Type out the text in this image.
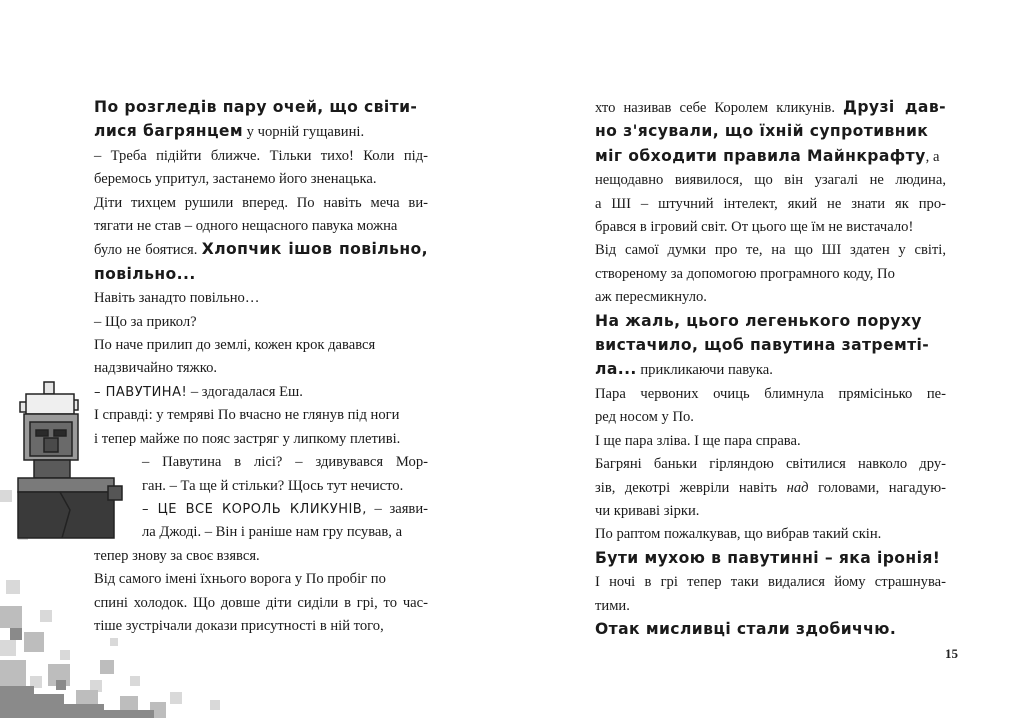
По розгледів пару очей, що світи-

лися багрянцем у чорній гущавині.

– Треба підійти ближче. Тільки тихо! Коли під-

беремось упритул, застанемо його зненацька.

Діти тихцем рушили вперед. По навіть меча ви-

тягати не став – одного нещасного павука можна

було не боятися. Хлопчик ішов повільно,

повільно...

Навіть занадто повільно…

– Що за прикол?

По наче прилип до землі, кожен крок давався

надзвичайно тяжко.

– ПАВУТИНА! – здогадалася Еш.

І справді: у темряві По вчасно не глянув під ноги

і тепер майже по пояс застряг у липкому плетиві.

– Павутина в лісі? – здивувався Мор-

ган. – Та ще й стільки? Щось тут нечисто.

– ЦЕ ВСЕ КОРОЛЬ КЛИКУНІВ, – заяви-

ла Джоді. – Він і раніше нам гру псував, а

тепер знову за своє взявся.

Від самого імені їхнього ворога у По пробіг по

спині холодок. Що довше діти сиділи в грі, то час-

тіше зустрічали докази присутності в ній того,

хто називав себе Королем кликунів. Друзі дав-

но з'ясували, що їхній супротивник

міг обходити правила Майнкрафту, а

нещодавно виявилося, що він узагалі не людина,

а ШІ – штучний інтелект, який не знати як про-

брався в ігровий світ. От цього ще їм не вистачало!

Від самої думки про те, на що ШІ здатен у світі,

створеному за допомогою програмного коду, По

аж пересмикнуло.

На жаль, цього легенького поруху

вистачило, щоб павутина затремті-

ла... прикликаючи павука.

Пара червоних очиць блимнула прямісінько пе-

ред носом у По.

І ще пара зліва. І ще пара справа.

Багряні баньки гірляндою світилися навколо дру-

зів, декотрі жевріли навіть над головами, нагадую-

чи криваві зірки.

По раптом пожалкував, що вибрав такий скін.

Бути мухою в павутинні – яка іронія!

І ночі в грі тепер таки видалися йому страшнува-

тими.

Отак мисливці стали здобиччю.

15
